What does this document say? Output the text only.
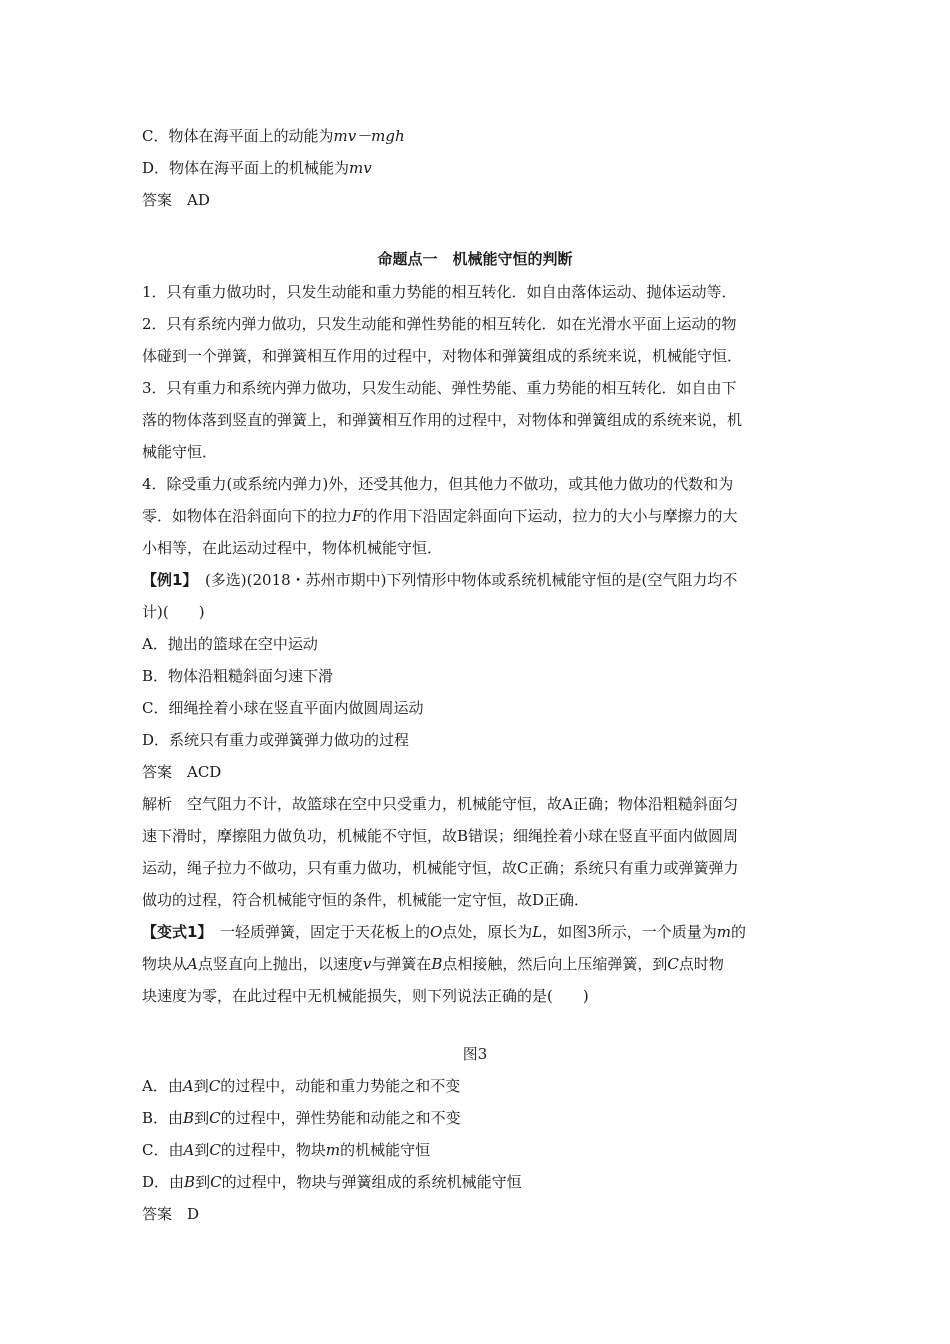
C．物体在海平面上的动能为mv－mgh
D．物体在海平面上的机械能为mv
答案　AD
命题点一　机械能守恒的判断
1．只有重力做功时，只发生动能和重力势能的相互转化．如自由落体运动、抛体运动等．
2．只有系统内弹力做功，只发生动能和弹性势能的相互转化．如在光滑水平面上运动的物
体碰到一个弹簧，和弹簧相互作用的过程中，对物体和弹簧组成的系统来说，机械能守恒．
3．只有重力和系统内弹力做功，只发生动能、弹性势能、重力势能的相互转化．如自由下
落的物体落到竖直的弹簧上，和弹簧相互作用的过程中，对物体和弹簧组成的系统来说，机
械能守恒．
4．除受重力(或系统内弹力)外，还受其他力，但其他力不做功，或其他力做功的代数和为
零．如物体在沿斜面向下的拉力F的作用下沿固定斜面向下运动，拉力的大小与摩擦力的大
小相等，在此运动过程中，物体机械能守恒．
【例1】　(多选)(2018・苏州市期中)下列情形中物体或系统机械能守恒的是(空气阻力均不
计)(　　)
A．抛出的篮球在空中运动
B．物体沿粗糙斜面匀速下滑
C．细绳拴着小球在竖直平面内做圆周运动
D．系统只有重力或弹簧弹力做功的过程
答案　ACD
解析　空气阻力不计，故篮球在空中只受重力，机械能守恒，故A正确；物体沿粗糙斜面匀
速下滑时，摩擦阻力做负功，机械能不守恒，故B错误；细绳拴着小球在竖直平面内做圆周
运动，绳子拉力不做功，只有重力做功，机械能守恒，故C正确；系统只有重力或弹簧弹力
做功的过程，符合机械能守恒的条件，机械能一定守恒，故D正确．
【变式1】　一轻质弹簧，固定于天花板上的O点处，原长为L，如图3所示，一个质量为m的
物块从A点竖直向上抛出，以速度v与弹簧在B点相接触，然后向上压缩弹簧，到C点时物
块速度为零，在此过程中无机械能损失，则下列说法正确的是(　　)
图3
A．由A到C的过程中，动能和重力势能之和不变
B．由B到C的过程中，弹性势能和动能之和不变
C．由A到C的过程中，物块m的机械能守恒
D．由B到C的过程中，物块与弹簧组成的系统机械能守恒
答案　D
